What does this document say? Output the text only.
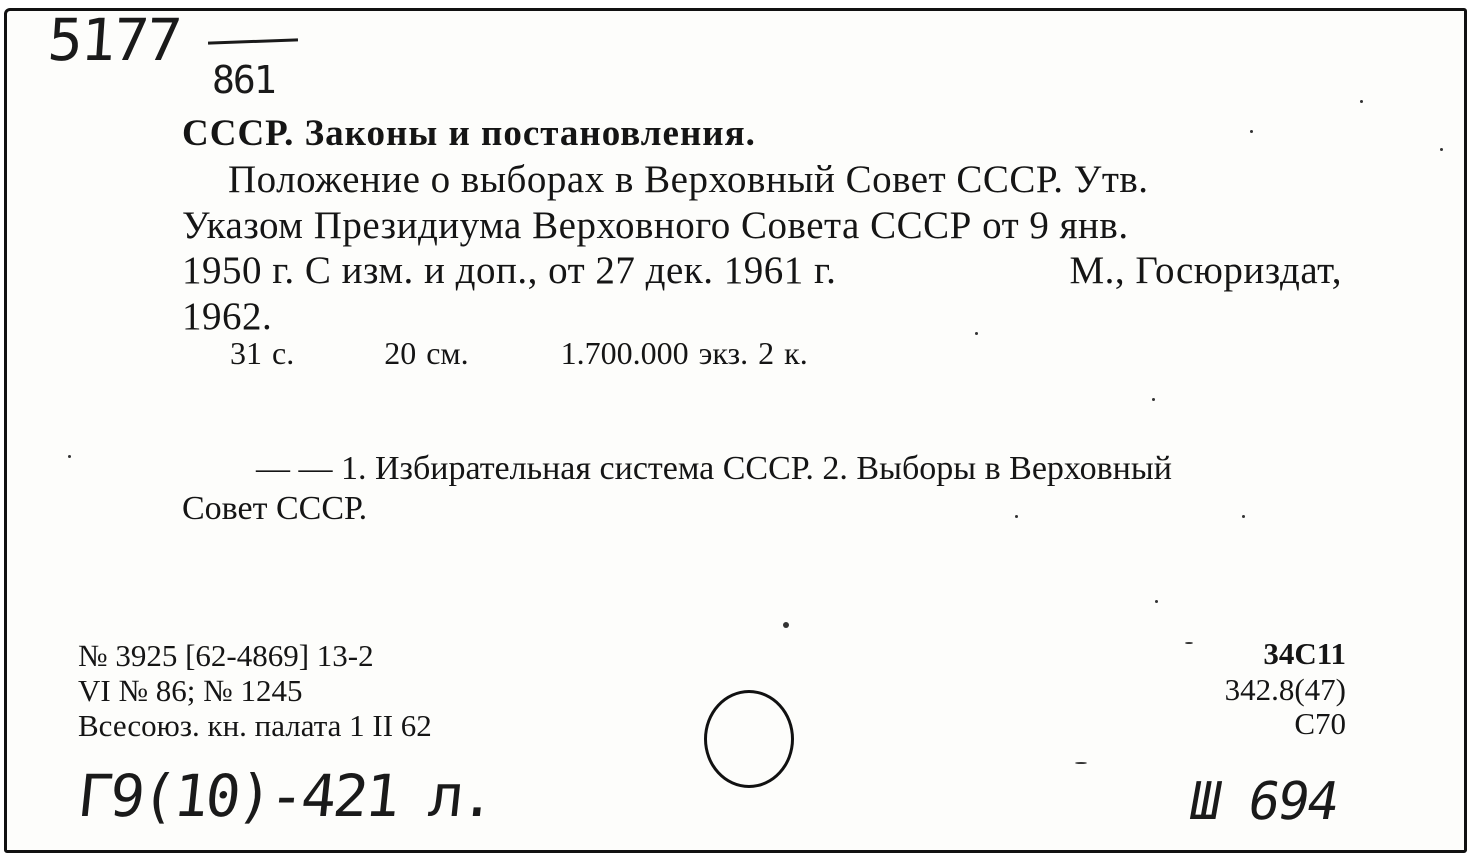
5177
861
СССР. Законы и постановления.
Положение о выборах в Верховный Совет СССР. Утв.
Указом Президиума Верховного Совета СССР от 9 янв.
1950 г. С изм. и доп., от 27 дек. 1961 г.	М., Госюриздат,
1962.
31 с.	20 см.	1.700.000 экз. 2 к.
— — 1. Избирательная система СССР. 2. Выборы в Верховный
Совет СССР.
№ 3925 [62-4869] 13-2
VI № 86; № 1245
Всесоюз. кн. палата 1 II 62
34С11
342.8(47)
С70
Г9(10)-421 л.	Ш 694
